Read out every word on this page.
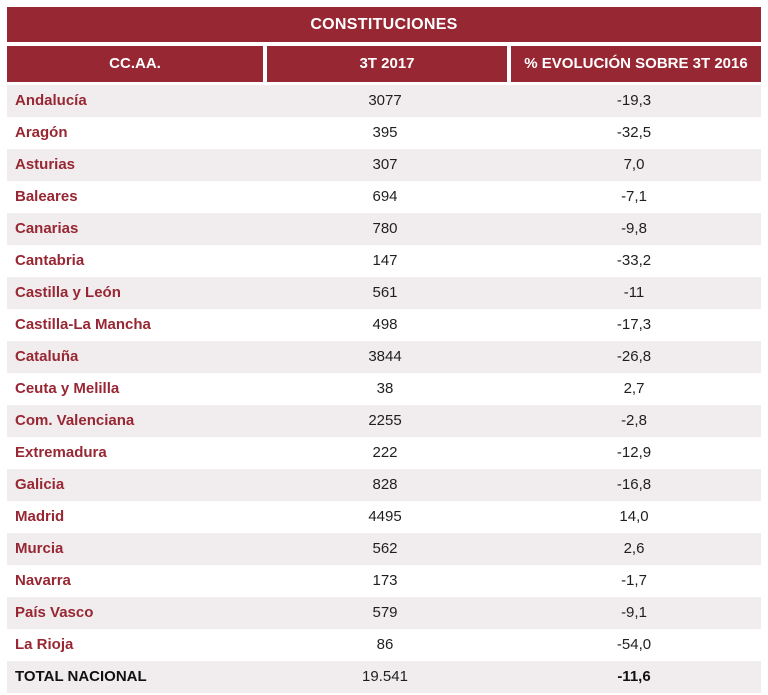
CONSTITUCIONES
CC.AA.	3T 2017	% EVOLUCIÓN SOBRE 3T 2016
Andalucía	3077	-19,3
Aragón	395	-32,5
Asturias	307	7,0
Baleares	694	-7,1
Canarias	780	-9,8
Cantabria	147	-33,2
Castilla y León	561	-11
Castilla-La Mancha	498	-17,3
Cataluña	3844	-26,8
Ceuta y Melilla	38	2,7
Com. Valenciana	2255	-2,8
Extremadura	222	-12,9
Galicia	828	-16,8
Madrid	4495	14,0
Murcia	562	2,6
Navarra	173	-1,7
País Vasco	579	-9,1
La Rioja	86	-54,0
TOTAL NACIONAL	19.541	-11,6
